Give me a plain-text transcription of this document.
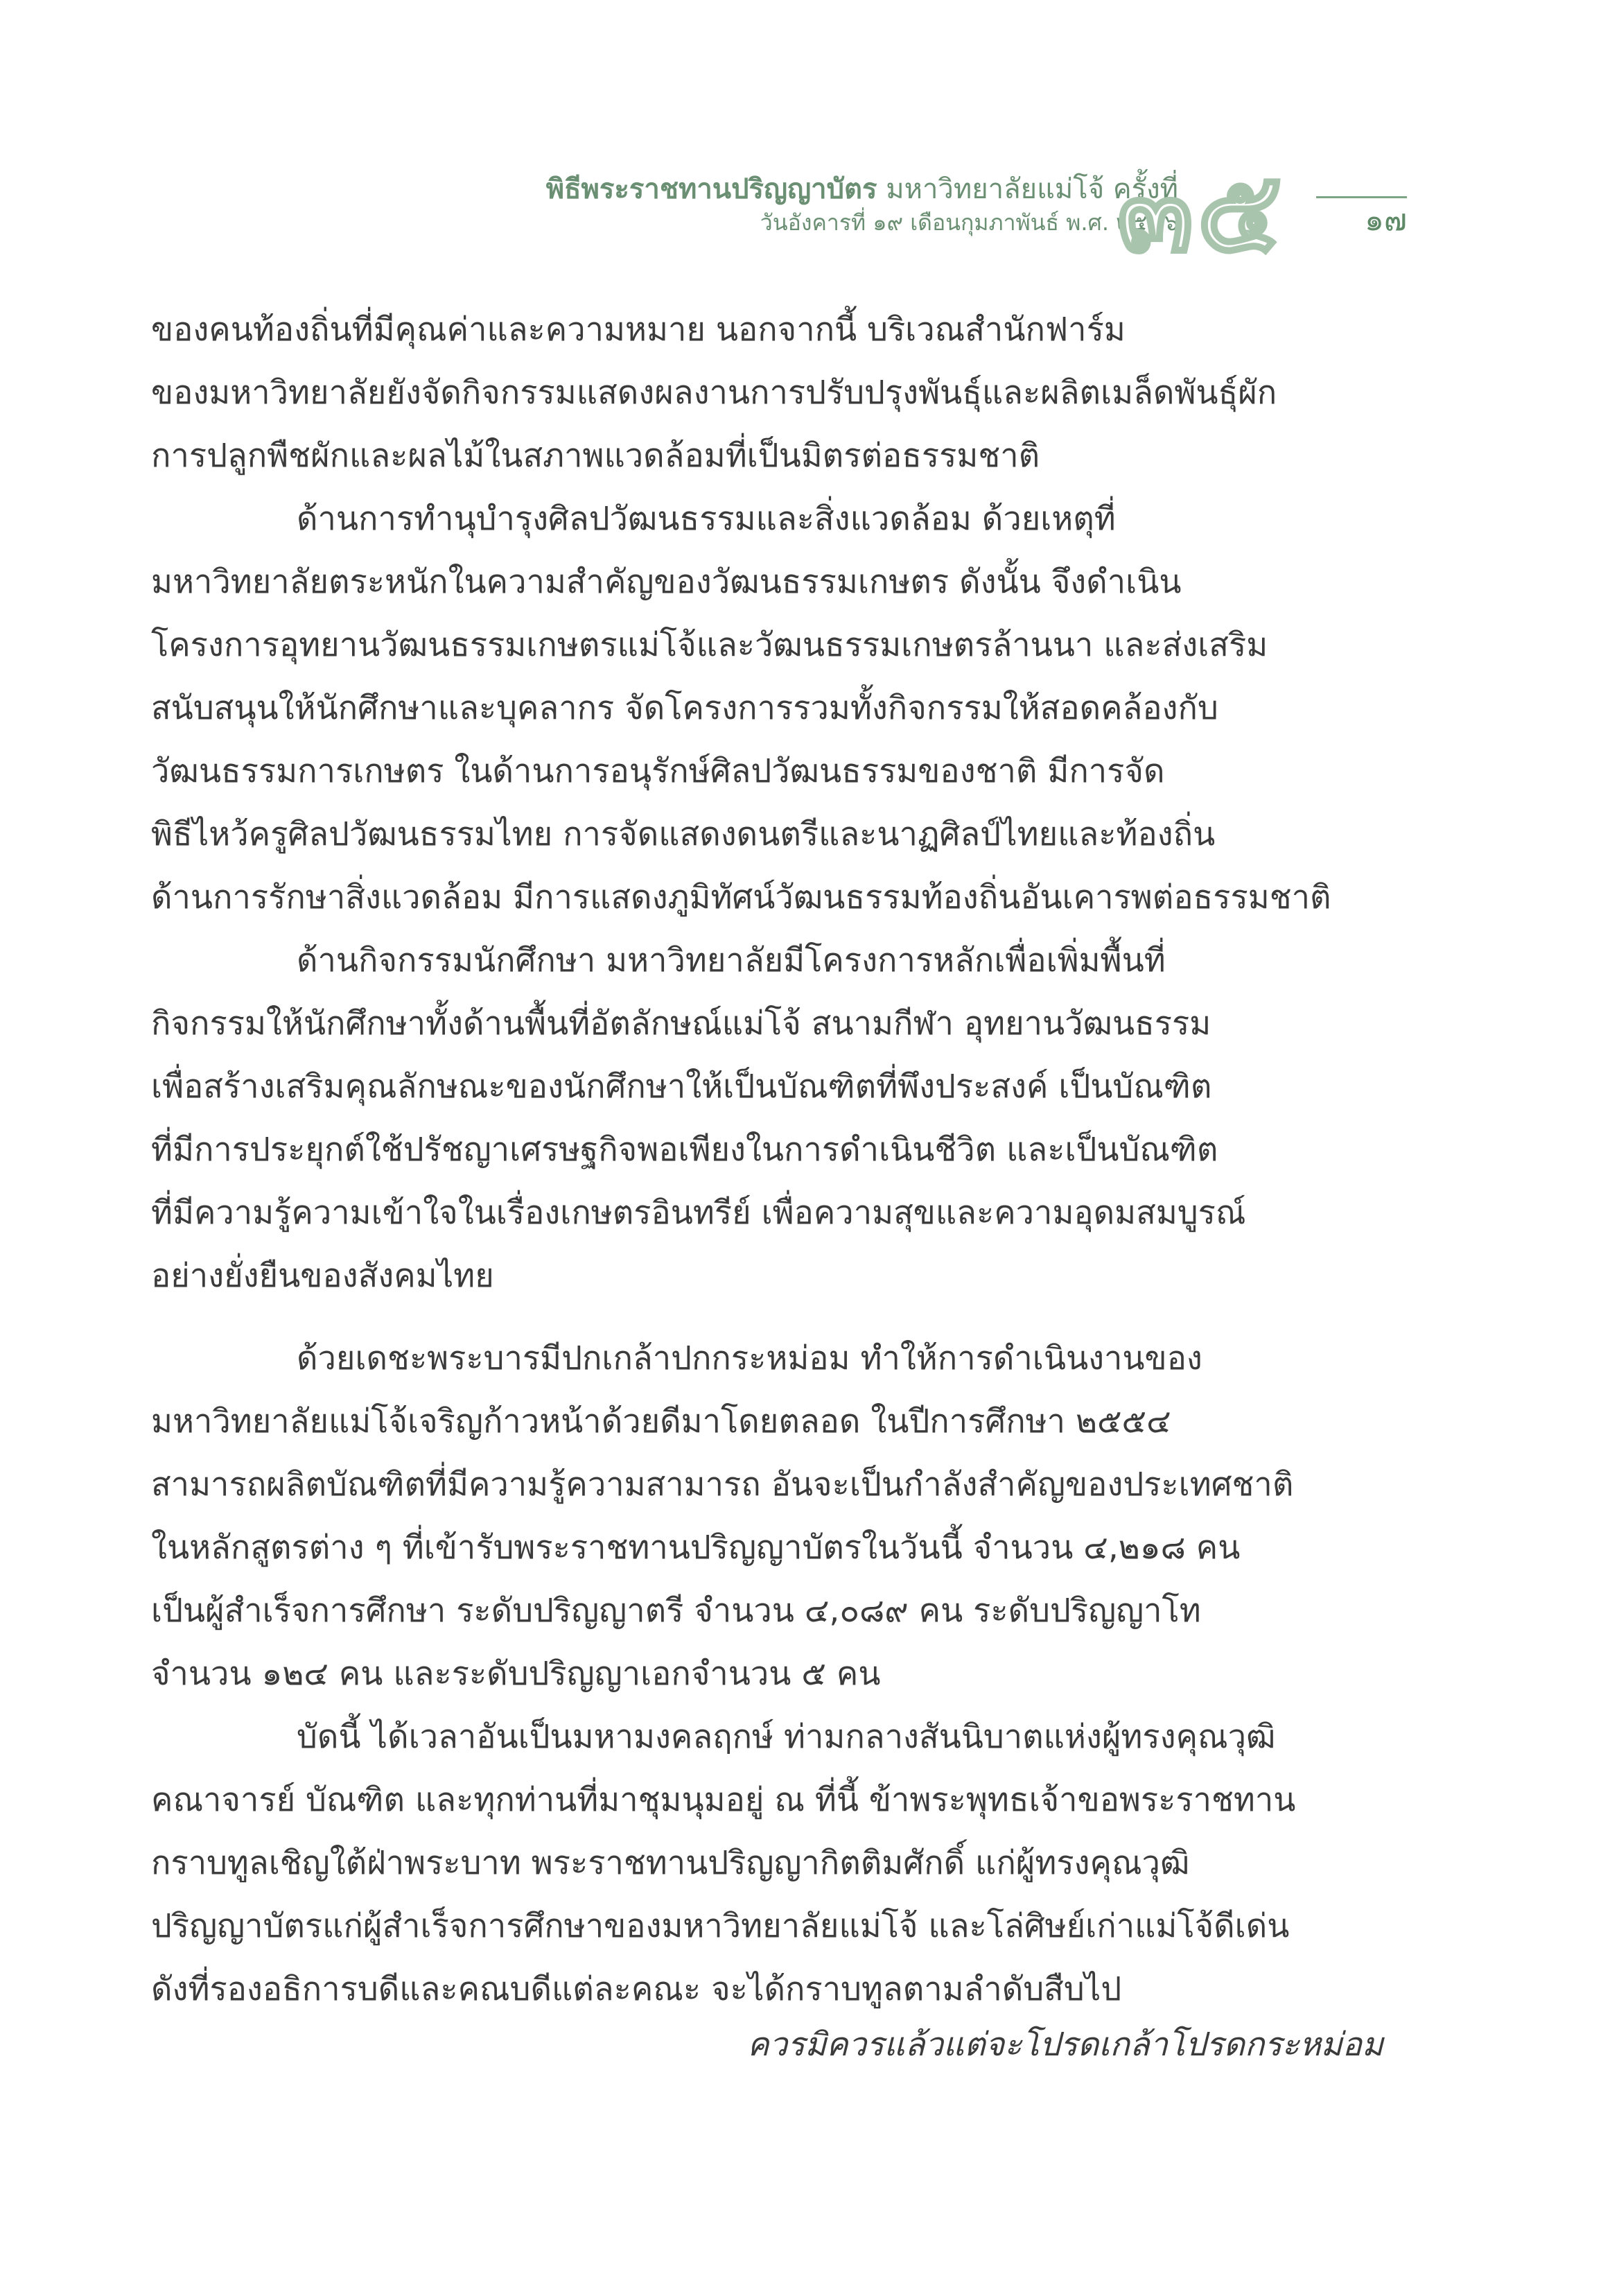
พิธีพระราชทานปริญญาบัตร มหาวิทยาลัยแม่โจ้ ครั้งที่
วันอังคารที่ ๑๙ เดือนกุมภาพันธ์ พ.ศ. ๒๕๕๖
๓๕	๑๗
ของคนท้องถิ่นที่มีคุณค่าและความหมาย นอกจากนี้ บริเวณสำนักฟาร์ม
ของมหาวิทยาลัยยังจัดกิจกรรมแสดงผลงานการปรับปรุงพันธุ์และผลิตเมล็ดพันธุ์ผัก
การปลูกพืชผักและผลไม้ในสภาพแวดล้อมที่เป็นมิตรต่อธรรมชาติ
ด้านการทำนุบำรุงศิลปวัฒนธรรมและสิ่งแวดล้อม ด้วยเหตุที่
มหาวิทยาลัยตระหนักในความสำคัญของวัฒนธรรมเกษตร ดังนั้น จึงดำเนิน
โครงการอุทยานวัฒนธรรมเกษตรแม่โจ้และวัฒนธรรมเกษตรล้านนา และส่งเสริม
สนับสนุนให้นักศึกษาและบุคลากร จัดโครงการรวมทั้งกิจกรรมให้สอดคล้องกับ
วัฒนธรรมการเกษตร ในด้านการอนุรักษ์ศิลปวัฒนธรรมของชาติ มีการจัด
พิธีไหว้ครูศิลปวัฒนธรรมไทย การจัดแสดงดนตรีและนาฏศิลป์ไทยและท้องถิ่น
ด้านการรักษาสิ่งแวดล้อม มีการแสดงภูมิทัศน์วัฒนธรรมท้องถิ่นอันเคารพต่อธรรมชาติ
ด้านกิจกรรมนักศึกษา มหาวิทยาลัยมีโครงการหลักเพื่อเพิ่มพื้นที่
กิจกรรมให้นักศึกษาทั้งด้านพื้นที่อัตลักษณ์แม่โจ้ สนามกีฬา อุทยานวัฒนธรรม
เพื่อสร้างเสริมคุณลักษณะของนักศึกษาให้เป็นบัณฑิตที่พึงประสงค์ เป็นบัณฑิต
ที่มีการประยุกต์ใช้ปรัชญาเศรษฐกิจพอเพียงในการดำเนินชีวิต และเป็นบัณฑิต
ที่มีความรู้ความเข้าใจในเรื่องเกษตรอินทรีย์ เพื่อความสุขและความอุดมสมบูรณ์
อย่างยั่งยืนของสังคมไทย
ด้วยเดชะพระบารมีปกเกล้าปกกระหม่อม ทำให้การดำเนินงานของ
มหาวิทยาลัยแม่โจ้เจริญก้าวหน้าด้วยดีมาโดยตลอด ในปีการศึกษา ๒๕๕๔
สามารถผลิตบัณฑิตที่มีความรู้ความสามารถ อันจะเป็นกำลังสำคัญของประเทศชาติ
ในหลักสูตรต่าง ๆ ที่เข้ารับพระราชทานปริญญาบัตรในวันนี้ จำนวน ๔,๒๑๘ คน
เป็นผู้สำเร็จการศึกษา ระดับปริญญาตรี จำนวน ๔,๐๘๙ คน ระดับปริญญาโท
จำนวน ๑๒๔ คน และระดับปริญญาเอกจำนวน ๕ คน
บัดนี้ ได้เวลาอันเป็นมหามงคลฤกษ์ ท่ามกลางสันนิบาตแห่งผู้ทรงคุณวุฒิ
คณาจารย์ บัณฑิต และทุกท่านที่มาชุมนุมอยู่ ณ ที่นี้ ข้าพระพุทธเจ้าขอพระราชทาน
กราบทูลเชิญใต้ฝ่าพระบาท พระราชทานปริญญากิตติมศักดิ์ แก่ผู้ทรงคุณวุฒิ
ปริญญาบัตรแก่ผู้สำเร็จการศึกษาของมหาวิทยาลัยแม่โจ้ และโล่ศิษย์เก่าแม่โจ้ดีเด่น
ดังที่รองอธิการบดีและคณบดีแต่ละคณะ จะได้กราบทูลตามลำดับสืบไป
ควรมิควรแล้วแต่จะโปรดเกล้าโปรดกระหม่อม
